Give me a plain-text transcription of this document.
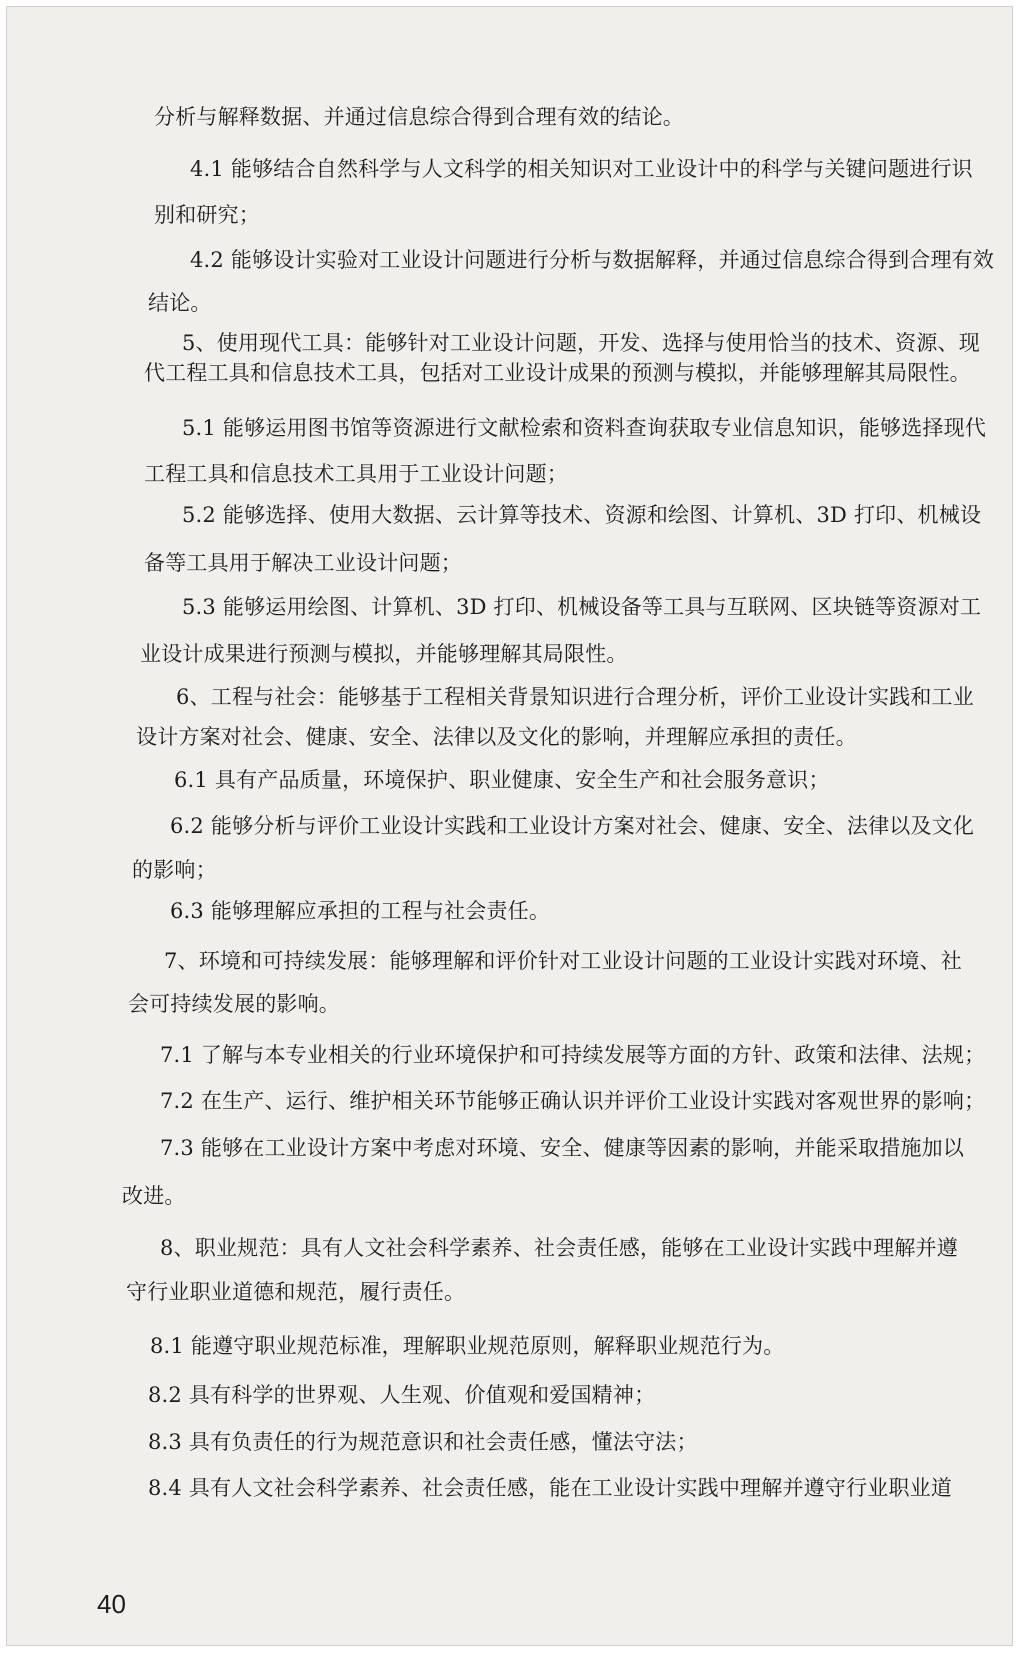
分析与解释数据、并通过信息综合得到合理有效的结论。

4.1 能够结合自然科学与人文科学的相关知识对工业设计中的科学与关键问题进行识

别和研究；

4.2 能够设计实验对工业设计问题进行分析与数据解释，并通过信息综合得到合理有效

结论。

5、使用现代工具：能够针对工业设计问题，开发、选择与使用恰当的技术、资源、现

代工程工具和信息技术工具，包括对工业设计成果的预测与模拟，并能够理解其局限性。

5.1 能够运用图书馆等资源进行文献检索和资料查询获取专业信息知识，能够选择现代

工程工具和信息技术工具用于工业设计问题；

5.2 能够选择、使用大数据、云计算等技术、资源和绘图、计算机、3D 打印、机械设

备等工具用于解决工业设计问题；

5.3 能够运用绘图、计算机、3D 打印、机械设备等工具与互联网、区块链等资源对工

业设计成果进行预测与模拟，并能够理解其局限性。

6、工程与社会：能够基于工程相关背景知识进行合理分析，评价工业设计实践和工业

设计方案对社会、健康、安全、法律以及文化的影响，并理解应承担的责任。

6.1 具有产品质量，环境保护、职业健康、安全生产和社会服务意识；

6.2 能够分析与评价工业设计实践和工业设计方案对社会、健康、安全、法律以及文化

的影响；

6.3 能够理解应承担的工程与社会责任。

7、环境和可持续发展：能够理解和评价针对工业设计问题的工业设计实践对环境、社

会可持续发展的影响。

7.1 了解与本专业相关的行业环境保护和可持续发展等方面的方针、政策和法律、法规；

7.2 在生产、运行、维护相关环节能够正确认识并评价工业设计实践对客观世界的影响；

7.3 能够在工业设计方案中考虑对环境、安全、健康等因素的影响，并能采取措施加以

改进。

8、职业规范：具有人文社会科学素养、社会责任感，能够在工业设计实践中理解并遵

守行业职业道德和规范，履行责任。

8.1 能遵守职业规范标准，理解职业规范原则，解释职业规范行为。

8.2 具有科学的世界观、人生观、价值观和爱国精神；

8.3 具有负责任的行为规范意识和社会责任感，懂法守法；

8.4 具有人文社会科学素养、社会责任感，能在工业设计实践中理解并遵守行业职业道

40
